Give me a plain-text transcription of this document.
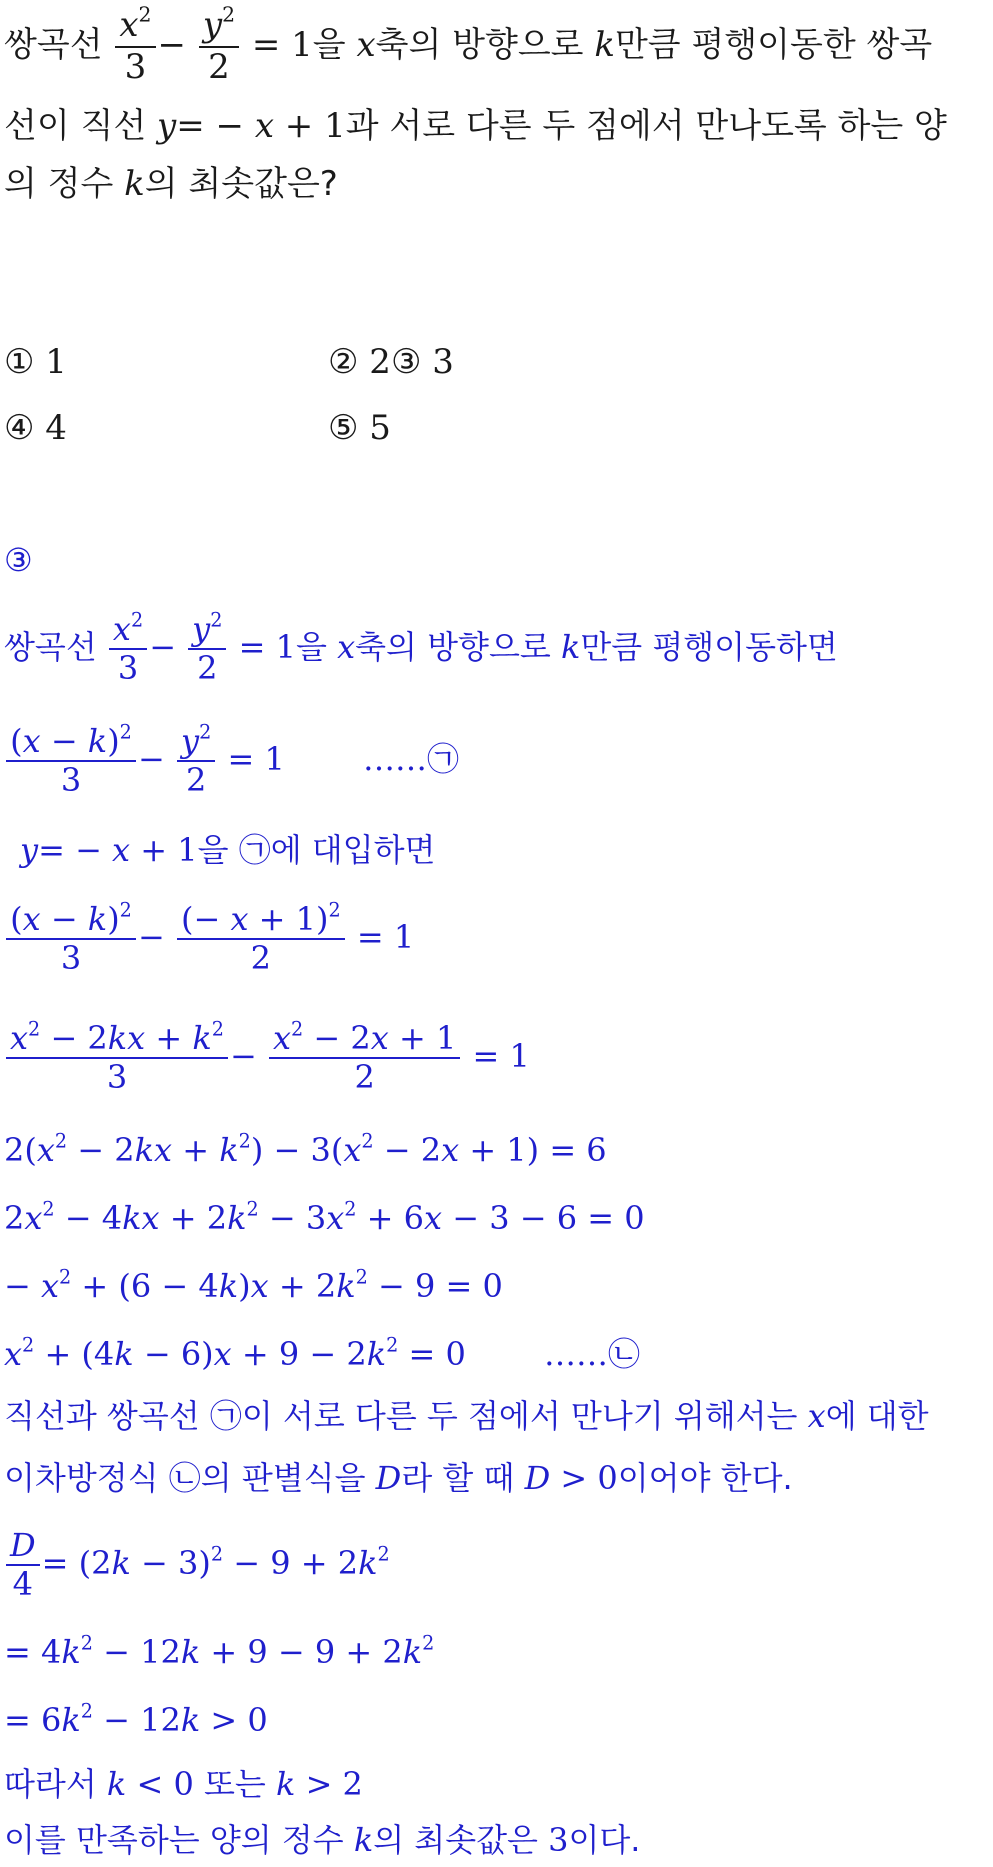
쌍곡선 $\frac{x^2}{3} - \frac{y^2}{2} = 1$을 x축의 방향으로 k만큼 평행이동한 쌍곡
선이 직선 y= − x + 1과 서로 다른 두 점에서 만나도록 하는 양
의 정수 k의 최솟값은?
① 1	② 2③ 3
④ 4	⑤ 5
③
쌍곡선 $\frac{x^2}{3} - \frac{y^2}{2} = 1$을 x축의 방향으로 k만큼 평행이동하면
$\frac{(x - k)^2}{3} - \frac{y^2}{2} = 1$ ……㉠
y= − x + 1을 ㉠에 대입하면
$\frac{(x - k)^2}{3} - \frac{(- x + 1)^2}{2} = 1$
$\frac{x^2 - 2kx + k^2}{3} - \frac{x^2 - 2x + 1}{2} = 1$
$2(x^2 - 2kx + k^2) - 3(x^2 - 2x + 1) = 6$
$2x^2 - 4kx + 2k^2 - 3x^2 + 6x - 3 - 6 = 0$
− $x^2 + (6 - 4k)x + 2k^2 - 9 = 0$
$x^2 + (4k - 6)x + 9 - 2k^2 = 0$ ……㉡
직선과 쌍곡선 ㉠이 서로 다른 두 점에서 만나기 위해서는 x에 대한
이차방정식 ㉡의 판별식을 D라 할 때 D > 0이어야 한다.
$\frac{D}{4} = (2k - 3)^2 - 9 + 2k^2$
= $4k^2 - 12k + 9 - 9 + 2k^2$
= $6k^2 - 12k > 0$
따라서 k < 0 또는 k > 2
이를 만족하는 양의 정수 k의 최솟값은 3이다.
